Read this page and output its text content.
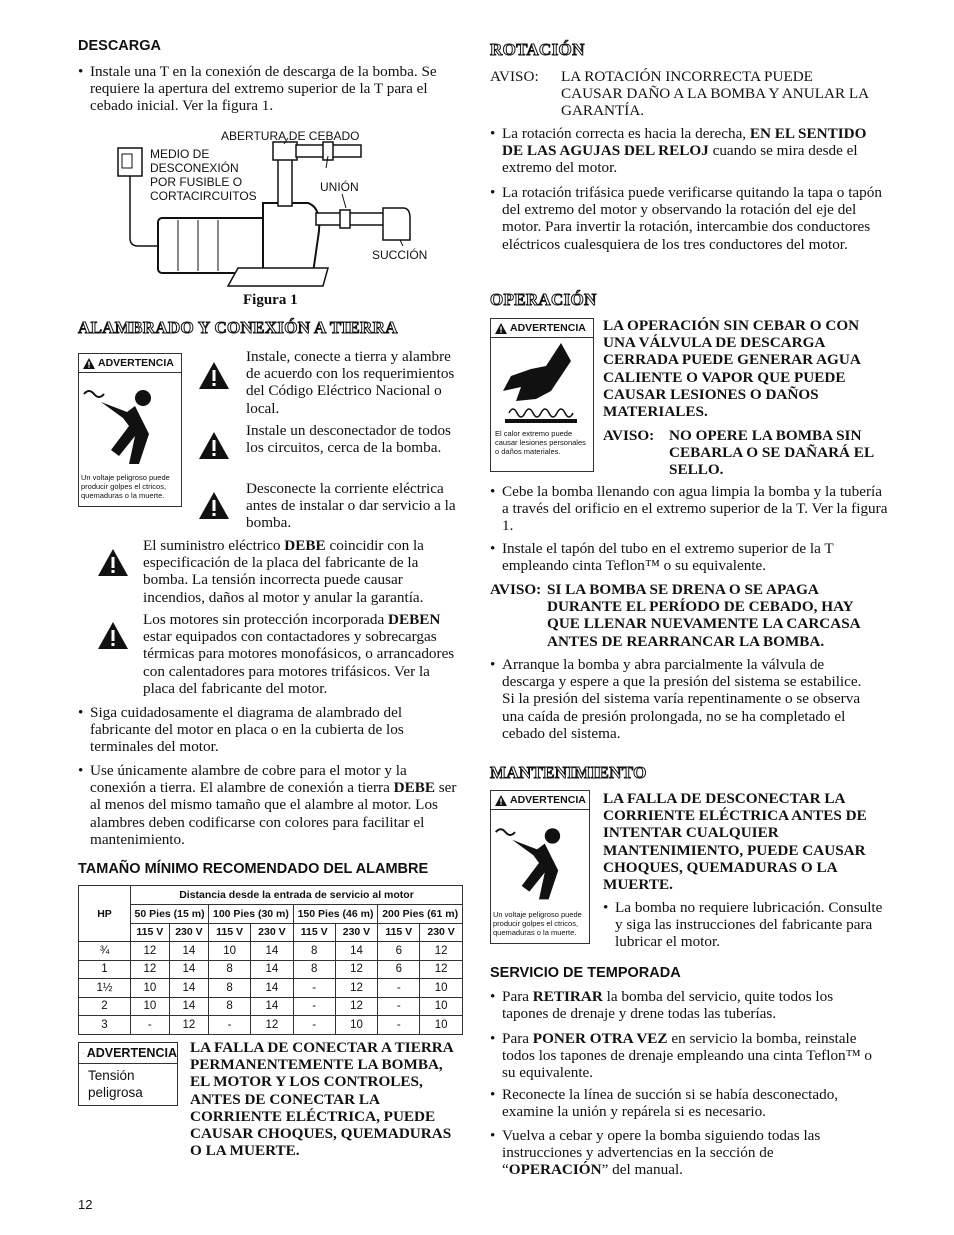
DESCARGA
• Instale una T en la conexión de descarga de la bomba. Se requiere la apertura del extremo superior de la T para el cebado inicial. Ver la figura 1.
ABERTURA DE CEBADO
MEDIO DE DESCONEXIÓN POR FUSIBLE O CORTACIRCUITOS
UNIÓN
SUCCIÓN
Figura 1
ALAMBRADO Y CONEXIÓN A TIERRA
ADVERTENCIA
Un voltaje peligroso puede producir golpes el ctricos, quemaduras o la muerte.
Instale, conecte a tierra y alambre de acuerdo con los requerimientos del Código Eléctrico Nacional o local.
Instale un desconectador de todos los circuitos, cerca de la bomba.
Desconecte la corriente eléctrica antes de instalar o dar servicio a la bomba.
El suministro eléctrico DEBE coincidir con la especificación de la placa del fabricante de la bomba. La tensión incorrecta puede causar incendios, daños al motor y anular la garantía.
Los motores sin protección incorporada DEBEN estar equipados con contactadores y sobrecargas térmicas para motores monofásicos, o arrancadores con calentadores para motores trifásicos. Ver la placa del fabricante del motor.
• Siga cuidadosamente el diagrama de alambrado del fabricante del motor en placa o en la cubierta de los terminales del motor.
• Use únicamente alambre de cobre para el motor y la conexión a tierra. El alambre de conexión a tierra DEBE ser al menos del mismo tamaño que el alambre al motor. Los alambres deben codificarse con colores para facilitar el mantenimiento.
TAMAÑO MÍNIMO RECOMENDADO DEL ALAMBRE
HP	Distancia desde la entrada de servicio al motor							
	50 Pies (15 m)		100 Pies (30 m)		150 Pies (46 m)		200 Pies (61 m)	
	115 V	230 V	115 V	230 V	115 V	230 V	115 V	230 V
¾	12	14	10	14	8	14	6	12
1	12	14	8	14	8	12	6	12
1½	10	14	8	14	-	12	-	10
2	10	14	8	14	-	12	-	10
3	-	12	-	12	-	10	-	10
ADVERTENCIA
Tensión peligrosa
LA FALLA DE CONECTAR A TIERRA PERMANENTEMENTE LA BOMBA, EL MOTOR Y LOS CONTROLES, ANTES DE CONECTAR LA CORRIENTE ELÉCTRICA, PUEDE CAUSAR CHOQUES, QUEMADURAS O LA MUERTE.
12
ROTACIÓN
AVISO: LA ROTACIÓN INCORRECTA PUEDE CAUSAR DAÑO A LA BOMBA Y ANULAR LA GARANTÍA.
• La rotación correcta es hacia la derecha, EN EL SENTIDO DE LAS AGUJAS DEL RELOJ cuando se mira desde el extremo del motor.
• La rotación trifásica puede verificarse quitando la tapa o tapón del extremo del motor y observando la rotación del eje del motor. Para invertir la rotación, intercambie dos conductores eléctricos cualesquiera de los tres conductores del motor.
OPERACIÓN
ADVERTENCIA
El calor extremo puede causar lesiones personales o daños materiales.
LA OPERACIÓN SIN CEBAR O CON UNA VÁLVULA DE DESCARGA CERRADA PUEDE GENERAR AGUA CALIENTE O VAPOR QUE PUEDE CAUSAR LESIONES O DAÑOS MATERIALES.
AVISO: NO OPERE LA BOMBA SIN CEBARLA O SE DAÑARÁ EL SELLO.
• Cebe la bomba llenando con agua limpia la bomba y la tubería a través del orificio en el extremo superior de la T. Ver la figura 1.
• Instale el tapón del tubo en el extremo superior de la T empleando cinta Teflon™ o su equivalente.
AVISO: SI LA BOMBA SE DRENA O SE APAGA DURANTE EL PERÍODO DE CEBADO, HAY QUE LLENAR NUEVAMENTE LA CARCASA ANTES DE REARRANCAR LA BOMBA.
• Arranque la bomba y abra parcialmente la válvula de descarga y espere a que la presión del sistema se estabilice. Si la presión del sistema varía repentinamente o se observa una caída de presión prolongada, no se ha completado el cebado del sistema.
MANTENIMIENTO
ADVERTENCIA
Un voltaje peligroso puede producir golpes el ctricos, quemaduras o la muerte.
LA FALLA DE DESCONECTAR LA CORRIENTE ELÉCTRICA ANTES DE INTENTAR CUALQUIER MANTENIMIENTO, PUEDE CAUSAR CHOQUES, QUEMADURAS O LA MUERTE.
• La bomba no requiere lubricación. Consulte y siga las instrucciones del fabricante para lubricar el motor.
SERVICIO DE TEMPORADA
• Para RETIRAR la bomba del servicio, quite todos los tapones de drenaje y drene todas las tuberías.
• Para PONER OTRA VEZ en servicio la bomba, reinstale todos los tapones de drenaje empleando una cinta Teflon™ o su equivalente.
• Reconecte la línea de succión si se había desconectado, examine la unión y repárela si es necesario.
• Vuelva a cebar y opere la bomba siguiendo todas las instrucciones y advertencias en la sección de “OPERACIÓN” del manual.
